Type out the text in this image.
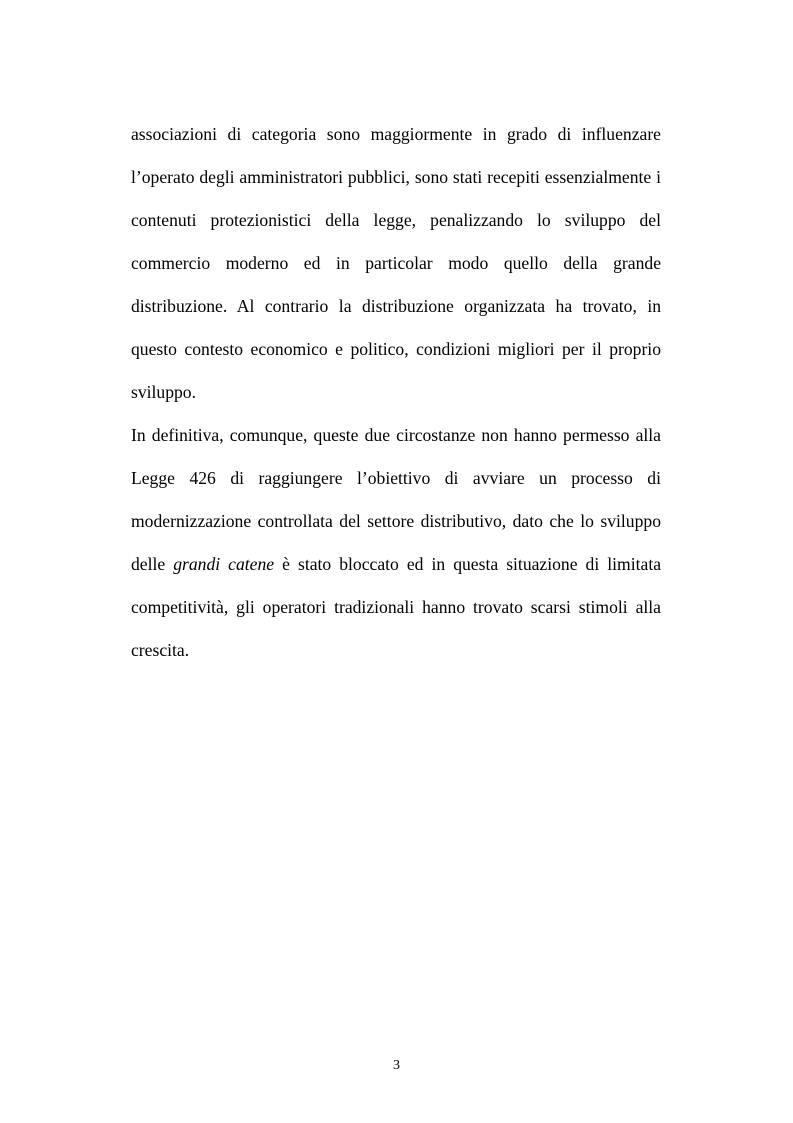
associazioni di categoria sono maggiormente in grado di influenzare l’operato degli amministratori pubblici, sono stati recepiti essenzialmente i contenuti protezionistici della legge, penalizzando lo sviluppo del commercio moderno ed in particolar modo quello della grande distribuzione. Al contrario la distribuzione organizzata ha trovato, in questo contesto economico e politico, condizioni migliori per il proprio sviluppo.

In definitiva, comunque, queste due circostanze non hanno permesso alla Legge 426 di raggiungere l’obiettivo di avviare un processo di modernizzazione controllata del settore distributivo, dato che lo sviluppo delle grandi catene è stato bloccato ed in questa situazione di limitata competitività, gli operatori tradizionali hanno trovato scarsi stimoli alla crescita.

3
